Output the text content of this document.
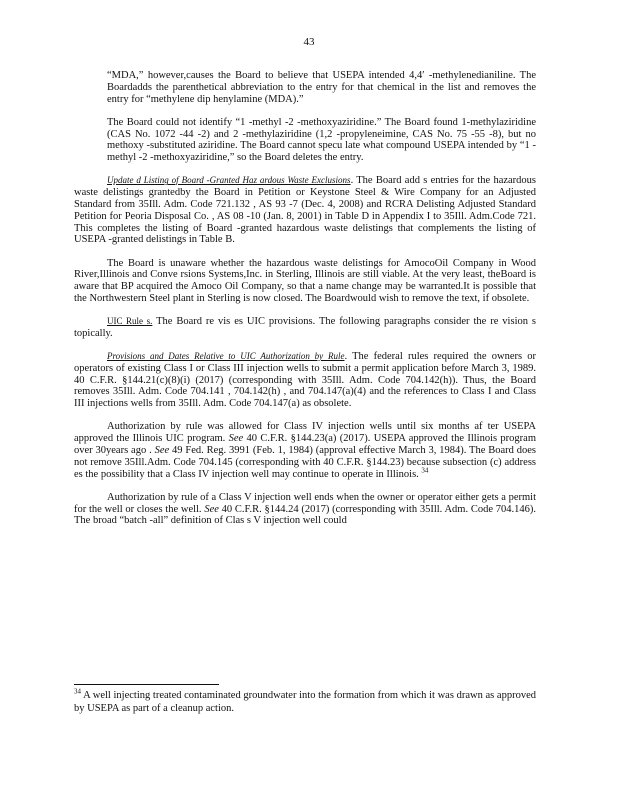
43

“MDA,” however,causes the Board to believe that USEPA intended 4,4′ -methylenedianiline. The Boardadds the parenthetical abbreviation to the entry for that chemical in the list and removes the entry for “methylene dip henylamine (MDA).”

The Board could not identify “1 -methyl -2 -methoxyaziridine.” The Board found 1-methylaziridine (CAS No. 1072 -44 -2) and 2 -methylaziridine (1,2 -propyleneimine, CAS No. 75 -55 -8), but no methoxy -substituted aziridine. The Board cannot specu late what compound USEPA intended by “1 -methyl -2 -methoxyaziridine,” so the Board deletes the entry.

Update d Listing of Board -Granted Haz ardous Waste Exclusions. The Board add s entries for the hazardous waste delistings grantedby the Board in Petition or Keystone Steel & Wire Company for an Adjusted Standard from 35Ill. Adm. Code 721.132 , AS 93 -7 (Dec. 4, 2008) and RCRA Delisting Adjusted Standard Petition for Peoria Disposal Co. , AS 08 -10 (Jan. 8, 2001) in Table D in Appendix I to 35Ill. Adm.Code 721. This completes the listing of Board -granted hazardous waste delistings that complements the listing of USEPA -granted delistings in Table B.

The Board is unaware whether the hazardous waste delistings for AmocoOil Company in Wood River,Illinois and Conve rsions Systems,Inc. in Sterling, Illinois are still viable. At the very least, theBoard is aware that BP acquired the Amoco Oil Company, so that a name change may be warranted.It is possible that the Northwestern Steel plant in Sterling is now closed. The Boardwould wish to remove the text, if obsolete.

UIC Rule s. The Board re vis es UIC provisions. The following paragraphs consider the re vision s topically.

Provisions and Dates Relative to UIC Authorization by Rule. The federal rules required the owners or operators of existing Class I or Class III injection wells to submit a permit application before March 3, 1989. 40 C.F.R. §144.21(c)(8)(i) (2017) (corresponding with 35Ill. Adm. Code 704.142(h)). Thus, the Board removes 35Ill. Adm. Code 704.141 , 704.142(h) , and 704.147(a)(4) and the references to Class I and Class III injections wells from 35Ill. Adm. Code 704.147(a) as obsolete.

Authorization by rule was allowed for Class IV injection wells until six months af ter USEPA approved the Illinois UIC program. See 40 C.F.R. §144.23(a) (2017). USEPA approved the Illinois program over 30years ago . See 49 Fed. Reg. 3991 (Feb. 1, 1984) (approval effective March 3, 1984). The Board does not remove 35Ill.Adm. Code 704.145 (corresponding with 40 C.F.R. §144.23) because subsection (c) address es the possibility that a Class IV injection well may continue to operate in Illinois. $^{34}$

Authorization by rule of a Class V injection well ends when the owner or operator either gets a permit for the well or closes the well. See 40 C.F.R. §144.24 (2017) (corresponding with 35Ill. Adm. Code 704.146). The broad “batch -all” definition of Clas s V injection well could

$^{34}$ A well injecting treated contaminated groundwater into the formation from which it was drawn as approved by USEPA as part of a cleanup action.
